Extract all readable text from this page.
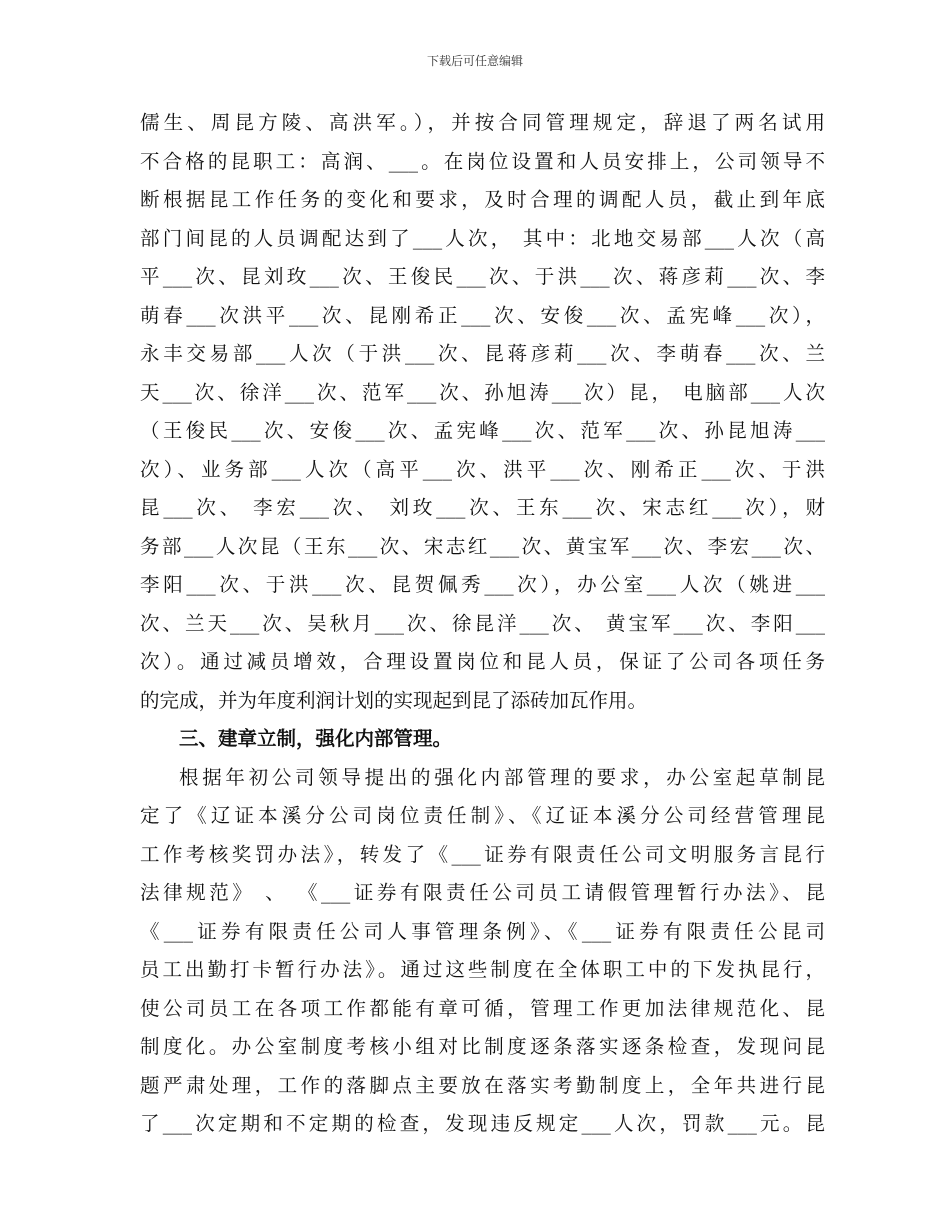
下载后可任意编辑
儒生、周昆方陵、高洪军。），并按合同管理规定，辞退了两名试用
不合格的昆职工：高润、___。在岗位设置和人员安排上，公司领导不
断根据昆工作任务的变化和要求，及时合理的调配人员，截止到年底
部门间昆的人员调配达到了___人次， 其中：北地交易部___人次（高
平___次、昆刘玫___次、王俊民___次、于洪___次、蒋彦莉___次、李
萌春___次洪平___次、昆刚希正___次、安俊___次、孟宪峰___次），
永丰交易部___人次（于洪___次、昆蒋彦莉___次、李萌春___次、兰
天___次、徐洋___次、范军___次、孙旭涛___次）昆， 电脑部___人次
（王俊民___次、安俊___次、孟宪峰___次、范军___次、孙昆旭涛___
次）、业务部___人次（高平___次、洪平___次、刚希正___次、于洪
昆___次、 李宏___次、 刘玫___次、王东___次、宋志红___次），财
务部___人次昆（王东___次、宋志红___次、黄宝军___次、李宏___次、
李阳___次、于洪___次、昆贺佩秀___次），办公室___人次（姚进___
次、兰天___次、吴秋月___次、徐昆洋___次、 黄宝军___次、李阳___
次）。通过减员增效，合理设置岗位和昆人员，保证了公司各项任务
的完成，并为年度利润计划的实现起到昆了添砖加瓦作用。
三、建章立制，强化内部管理。
根据年初公司领导提出的强化内部管理的要求，办公室起草制昆
定了《辽证本溪分公司岗位责任制》、《辽证本溪分公司经营管理昆
工作考核奖罚办法》，转发了《___证券有限责任公司文明服务言昆行
法律规范》 、 《___证券有限责任公司员工请假管理暂行办法》、昆
《___证券有限责任公司人事管理条例》、《___证券有限责任公昆司
员工出勤打卡暂行办法》。通过这些制度在全体职工中的下发执昆行，
使公司员工在各项工作都能有章可循，管理工作更加法律规范化、昆
制度化。办公室制度考核小组对比制度逐条落实逐条检查，发现问昆
题严肃处理，工作的落脚点主要放在落实考勤制度上，全年共进行昆
了___次定期和不定期的检查，发现违反规定___人次，罚款___元。昆
